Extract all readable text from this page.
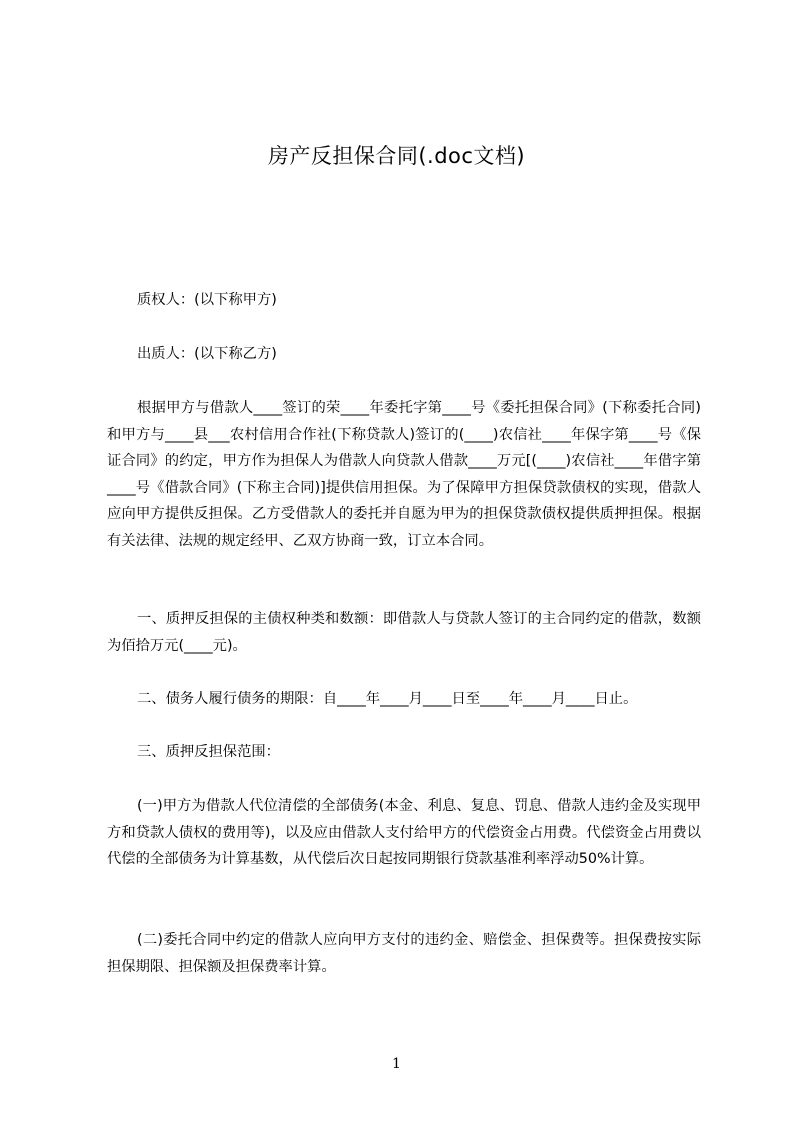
房产反担保合同(.doc文档)

质权人：(以下称甲方)

出质人：(以下称乙方)

根据甲方与借款人____签订的荣____年委托字第____号《委托担保合同》(下称委托合同)和甲方与____县___农村信用合作社(下称贷款人)签订的(____)农信社____年保字第____号《保证合同》的约定，甲方作为担保人为借款人向贷款人借款____万元[(____)农信社____年借字第____号《借款合同》(下称主合同)]提供信用担保。为了保障甲方担保贷款债权的实现，借款人应向甲方提供反担保。乙方受借款人的委托并自愿为甲为的担保贷款债权提供质押担保。根据有关法律、法规的规定经甲、乙双方协商一致，订立本合同。

一、质押反担保的主债权种类和数额：即借款人与贷款人签订的主合同约定的借款，数额为佰拾万元(____元)。

二、债务人履行债务的期限：自____年____月____日至____年____月____日止。

三、质押反担保范围：

(一)甲方为借款人代位清偿的全部债务(本金、利息、复息、罚息、借款人违约金及实现甲方和贷款人债权的费用等)，以及应由借款人支付给甲方的代偿资金占用费。代偿资金占用费以代偿的全部债务为计算基数，从代偿后次日起按同期银行贷款基准利率浮动50%计算。

(二)委托合同中约定的借款人应向甲方支付的违约金、赔偿金、担保费等。担保费按实际担保期限、担保额及担保费率计算。

1
